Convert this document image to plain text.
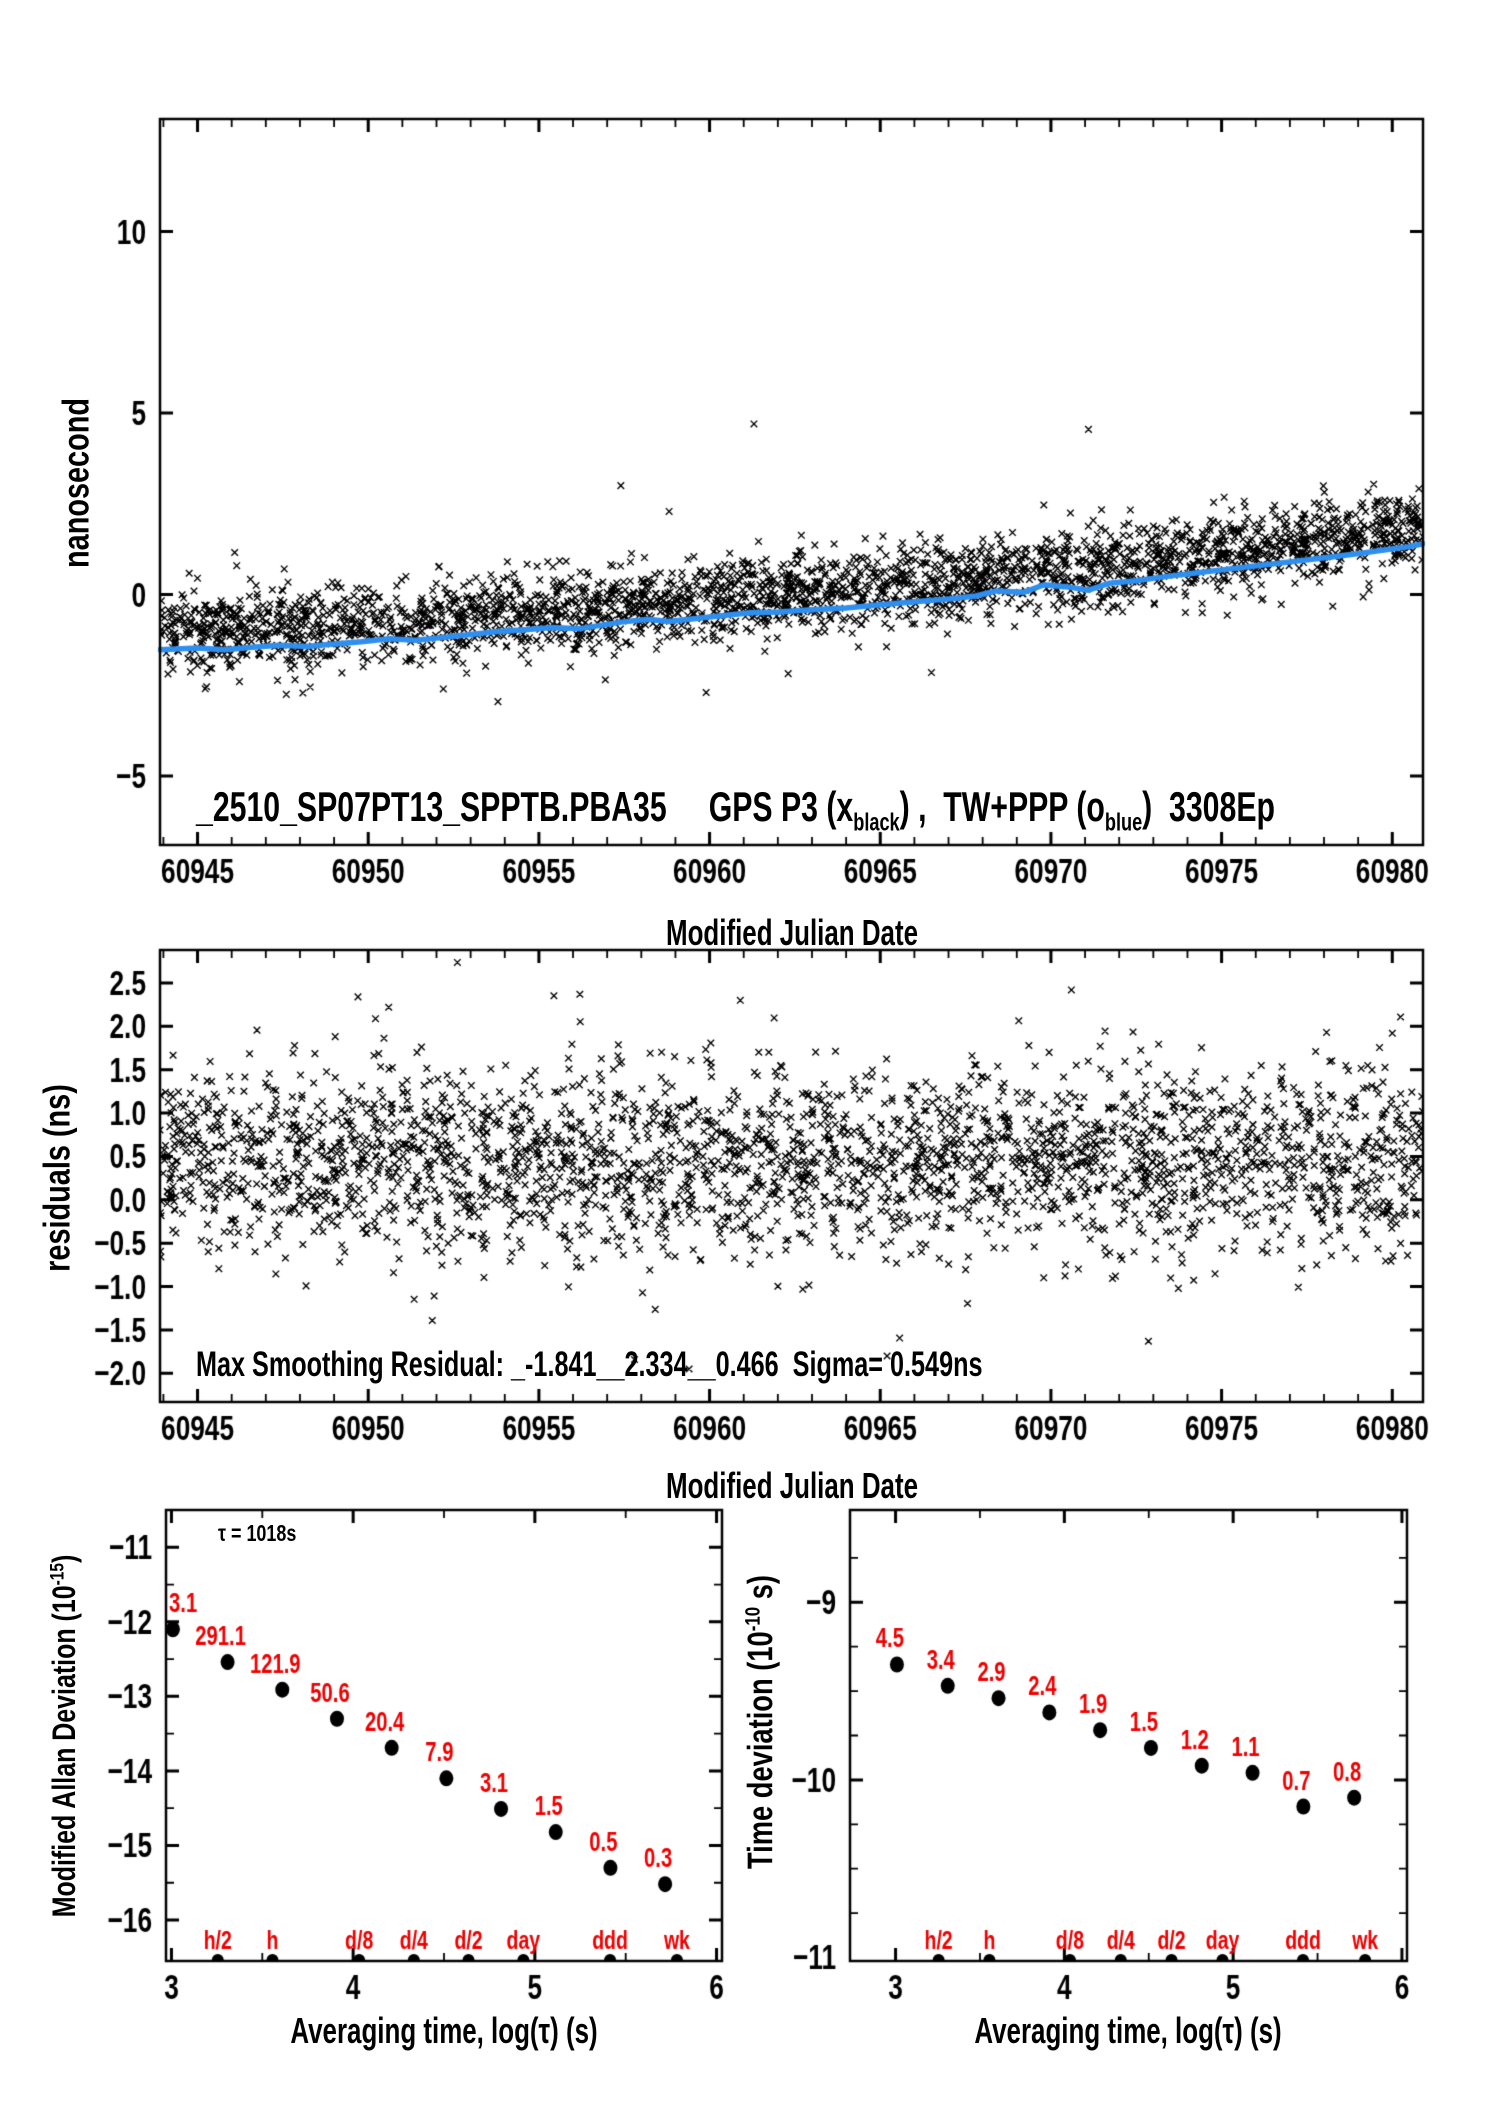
nanosecond
residuals (ns)
Modified Allan Deviation $(10^{-15})$
Time deviation ($10^{-10}$ s)
Modified Julian Date
Modified Julian Date
Averaging time, log(τ) (s)	Averaging time, log(τ) (s)
_2510_SP07PT13_SPPTB.PBA35     GPS P3 $(x_{black})$ ,  TW+PPP $(o_{blue})$  3308Ep
Max Smoothing Residual: _-1.841__2.334__0.466  Sigma= 0.549ns
τ = 1018s
